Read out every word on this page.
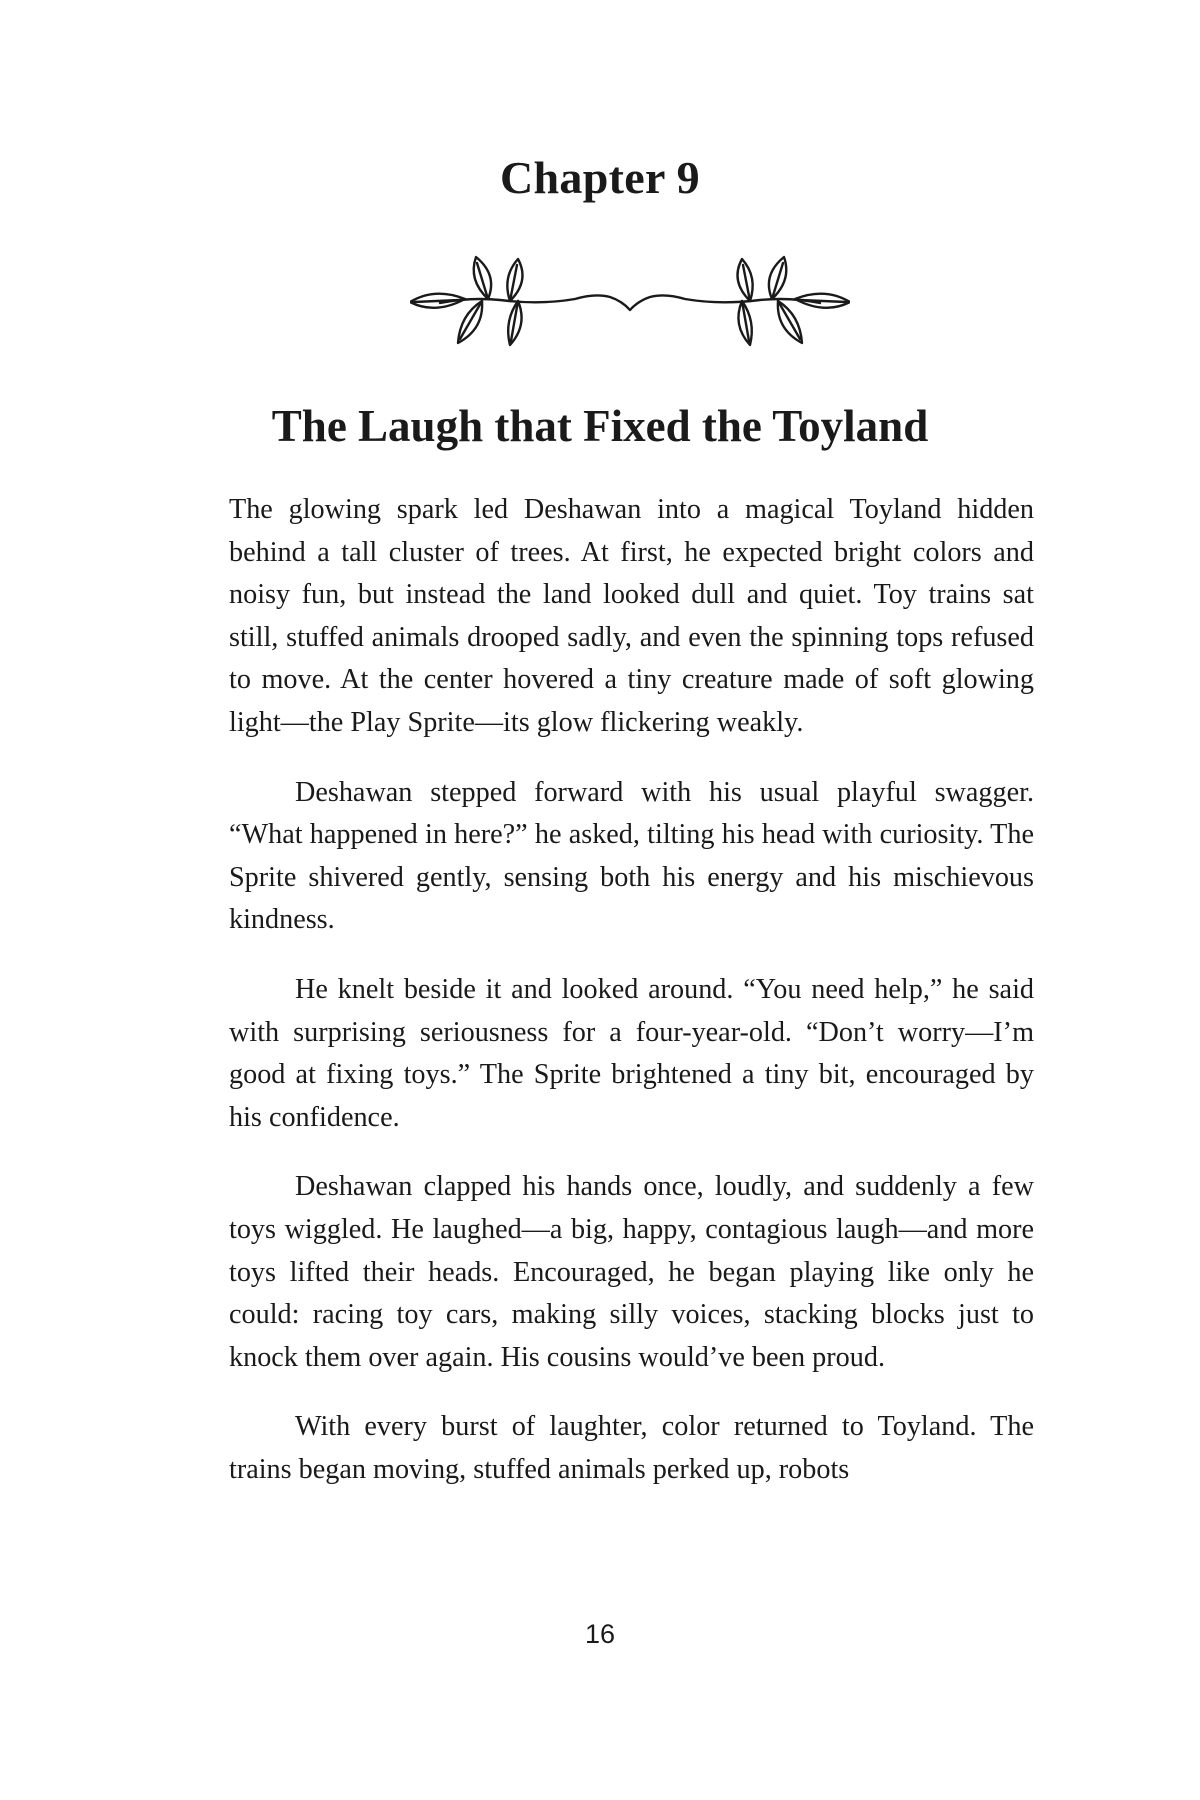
Chapter 9
The Laugh that Fixed the Toyland

The glowing spark led Deshawan into a magical Toyland hidden behind a tall cluster of trees. At first, he expected bright colors and noisy fun, but instead the land looked dull and quiet. Toy trains sat still, stuffed animals drooped sadly, and even the spinning tops refused to move. At the center hovered a tiny creature made of soft glowing light—the Play Sprite—its glow flickering weakly.

Deshawan stepped forward with his usual playful swagger. “What happened in here?” he asked, tilting his head with curiosity. The Sprite shivered gently, sensing both his energy and his mischievous kindness.

He knelt beside it and looked around. “You need help,” he said with surprising seriousness for a four-year-old. “Don’t worry—I’m good at fixing toys.” The Sprite brightened a tiny bit, encouraged by his confidence.

Deshawan clapped his hands once, loudly, and suddenly a few toys wiggled. He laughed—a big, happy, contagious laugh—and more toys lifted their heads. Encouraged, he began playing like only he could: racing toy cars, making silly voices, stacking blocks just to knock them over again. His cousins would’ve been proud.

With every burst of laughter, color returned to Toyland. The trains began moving, stuffed animals perked up, robots

16
